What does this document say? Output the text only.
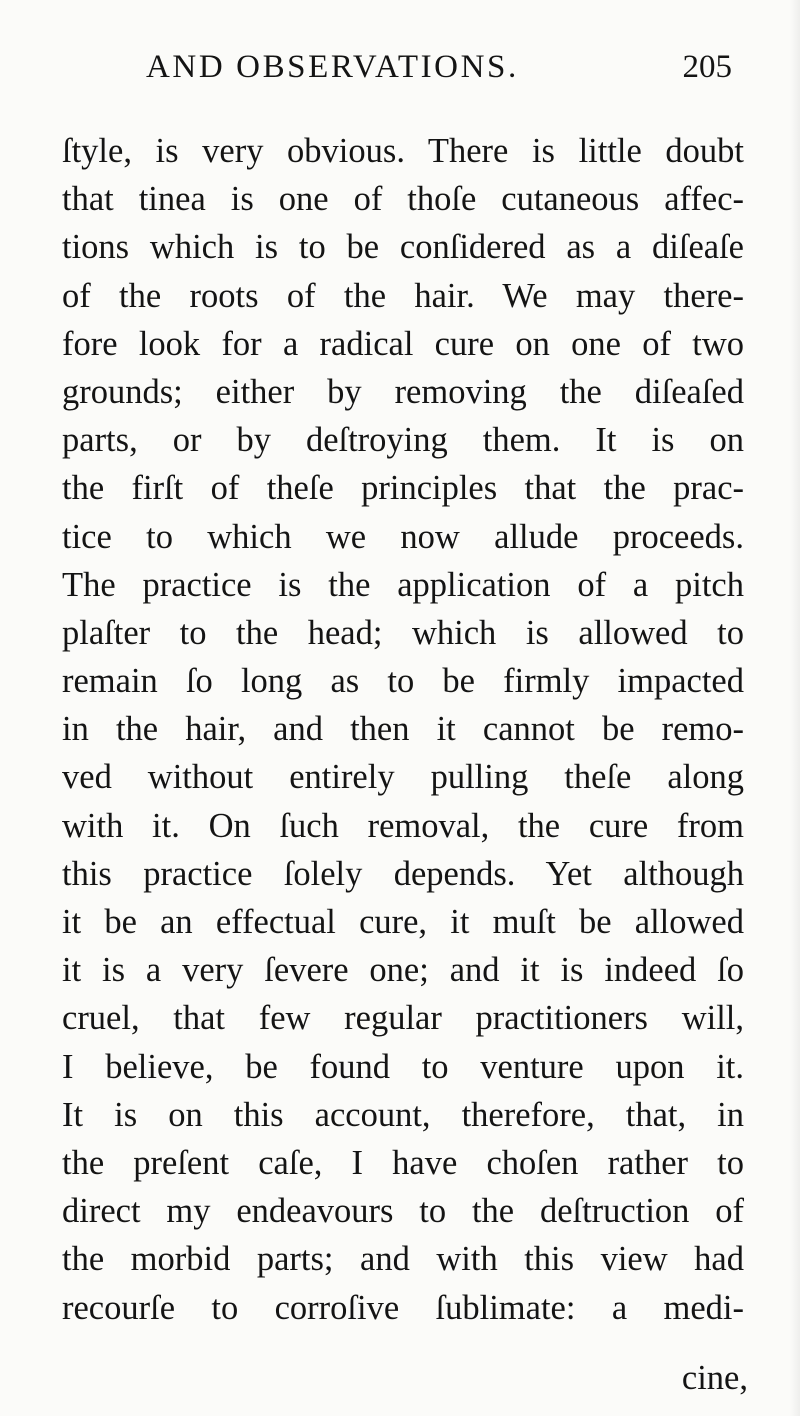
AND OBSERVATIONS.	205
ſtyle, is very obvious. There is little doubt
that tinea is one of thoſe cutaneous affec-
tions which is to be conſidered as a diſeaſe
of the roots of the hair. We may there-
fore look for a radical cure on one of two
grounds; either by removing the diſeaſed
parts, or by deſtroying them. It is on
the firſt of theſe principles that the prac-
tice to which we now allude proceeds.
The practice is the application of a pitch
plaſter to the head; which is allowed to
remain ſo long as to be firmly impacted
in the hair, and then it cannot be remo-
ved without entirely pulling theſe along
with it. On ſuch removal, the cure from
this practice ſolely depends. Yet although
it be an effectual cure, it muſt be allowed
it is a very ſevere one; and it is indeed ſo
cruel, that few regular practitioners will,
I believe, be found to venture upon it.
It is on this account, therefore, that, in
the preſent caſe, I have choſen rather to
direct my endeavours to the deſtruction of
the morbid parts; and with this view had
recourſe to corroſive ſublimate: a medi-
cine,
